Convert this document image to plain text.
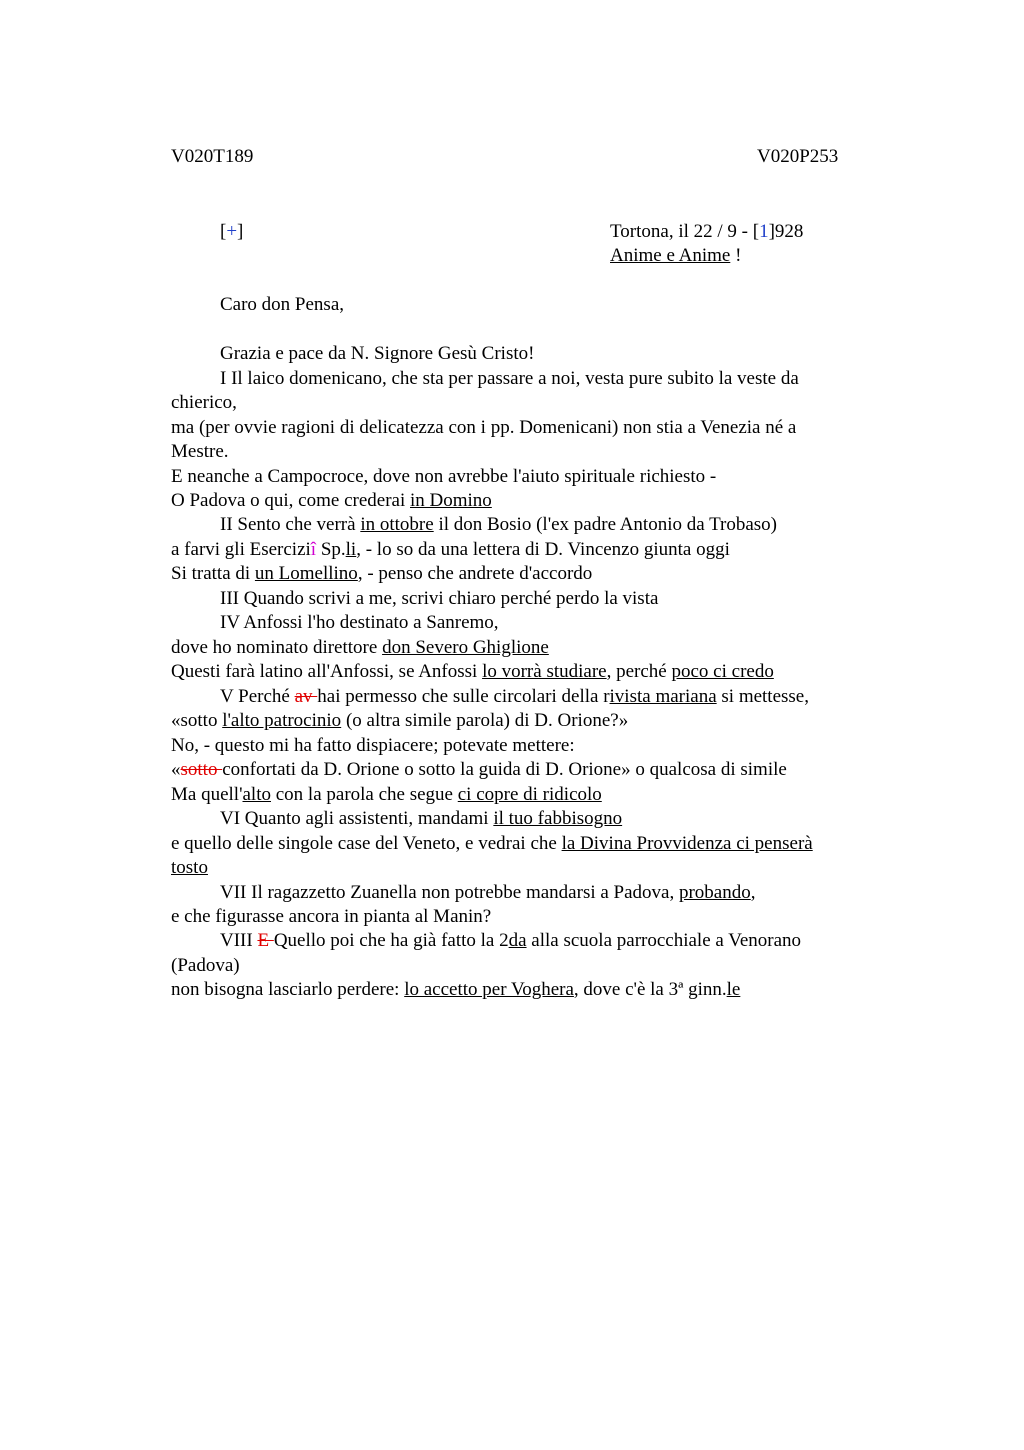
V020T189	V020P253
[+]	Tortona, il 22 / 9 - [1]928
Anime e Anime !
Caro don Pensa,
Grazia e pace da N. Signore Gesù Cristo!
I Il laico domenicano, che sta per passare a noi, vesta pure subito la veste da
chierico,
ma (per ovvie ragioni di delicatezza con i pp. Domenicani) non stia a Venezia né a
Mestre.
E neanche a Campocroce, dove non avrebbe l'aiuto spirituale richiesto -
O Padova o qui, come crederai in Domino
II Sento che verrà in ottobre il don Bosio (l'ex padre Antonio da Trobaso)
a farvi gli Eserciziî Sp.li, - lo so da una lettera di D. Vincenzo giunta oggi
Si tratta di un Lomellino, - penso che andrete d'accordo
III Quando scrivi a me, scrivi chiaro perché perdo la vista
IV Anfossi l'ho destinato a Sanremo,
dove ho nominato direttore don Severo Ghiglione
Questi farà latino all'Anfossi, se Anfossi lo vorrà studiare, perché poco ci credo
V Perché av hai permesso che sulle circolari della rivista mariana si mettesse,
«sotto l'alto patrocinio (o altra simile parola) di D. Orione?»
No, - questo mi ha fatto dispiacere; potevate mettere:
«sotto confortati da D. Orione o sotto la guida di D. Orione» o qualcosa di simile
Ma quell'alto con la parola che segue ci copre di ridicolo
VI Quanto agli assistenti, mandami il tuo fabbisogno
e quello delle singole case del Veneto, e vedrai che la Divina Provvidenza ci penserà
tosto
VII Il ragazzetto Zuanella non potrebbe mandarsi a Padova, probando,
e che figurasse ancora in pianta al Manin?
VIII E Quello poi che ha già fatto la 2da alla scuola parrocchiale a Venorano
(Padova)
non bisogna lasciarlo perdere: lo accetto per Voghera, dove c'è la 3ª ginn.le
